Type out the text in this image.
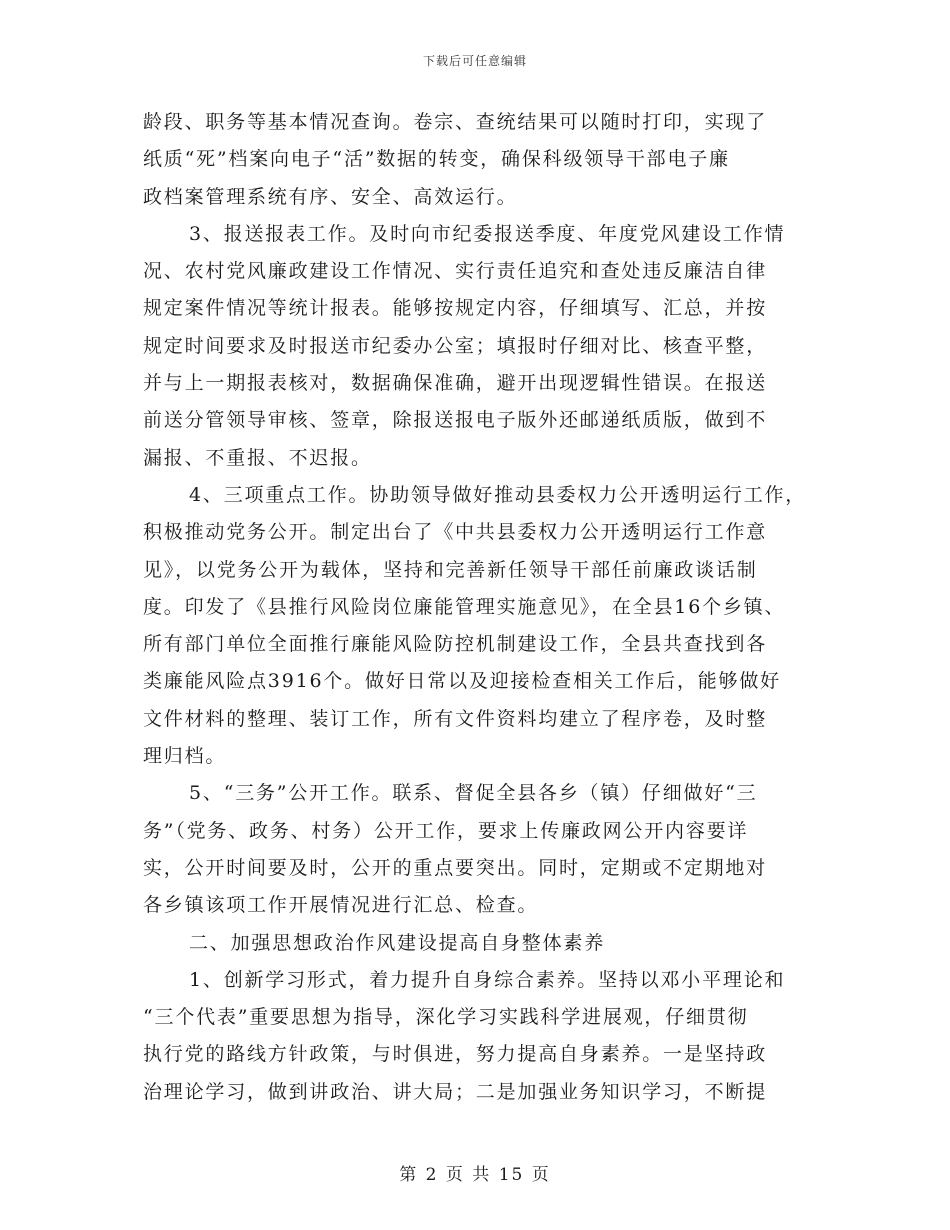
下载后可任意编辑
龄段、职务等基本情况查询。卷宗、查统结果可以随时打印，实现了
纸质“死”档案向电子“活”数据的转变，确保科级领导干部电子廉
政档案管理系统有序、安全、高效运行。
3、报送报表工作。及时向市纪委报送季度、年度党风建设工作情
况、农村党风廉政建设工作情况、实行责任追究和查处违反廉洁自律
规定案件情况等统计报表。能够按规定内容，仔细填写、汇总，并按
规定时间要求及时报送市纪委办公室；填报时仔细对比、核查平整，
并与上一期报表核对，数据确保准确，避开出现逻辑性错误。在报送
前送分管领导审核、签章，除报送报电子版外还邮递纸质版，做到不
漏报、不重报、不迟报。
4、三项重点工作。协助领导做好推动县委权力公开透明运行工作，
积极推动党务公开。制定出台了《中共县委权力公开透明运行工作意
见》，以党务公开为载体，坚持和完善新任领导干部任前廉政谈话制
度。印发了《县推行风险岗位廉能管理实施意见》，在全县16个乡镇、
所有部门单位全面推行廉能风险防控机制建设工作，全县共查找到各
类廉能风险点3916个。做好日常以及迎接检查相关工作后，能够做好
文件材料的整理、装订工作，所有文件资料均建立了程序卷，及时整
理归档。
5、“三务”公开工作。联系、督促全县各乡（镇）仔细做好“三
务”（党务、政务、村务）公开工作，要求上传廉政网公开内容要详
实，公开时间要及时，公开的重点要突出。同时，定期或不定期地对
各乡镇该项工作开展情况进行汇总、检查。
二、加强思想政治作风建设提高自身整体素养
1、创新学习形式，着力提升自身综合素养。坚持以邓小平理论和
“三个代表”重要思想为指导，深化学习实践科学进展观，仔细贯彻
执行党的路线方针政策，与时俱进，努力提高自身素养。一是坚持政
治理论学习，做到讲政治、讲大局；二是加强业务知识学习，不断提
第 2 页 共 15 页
